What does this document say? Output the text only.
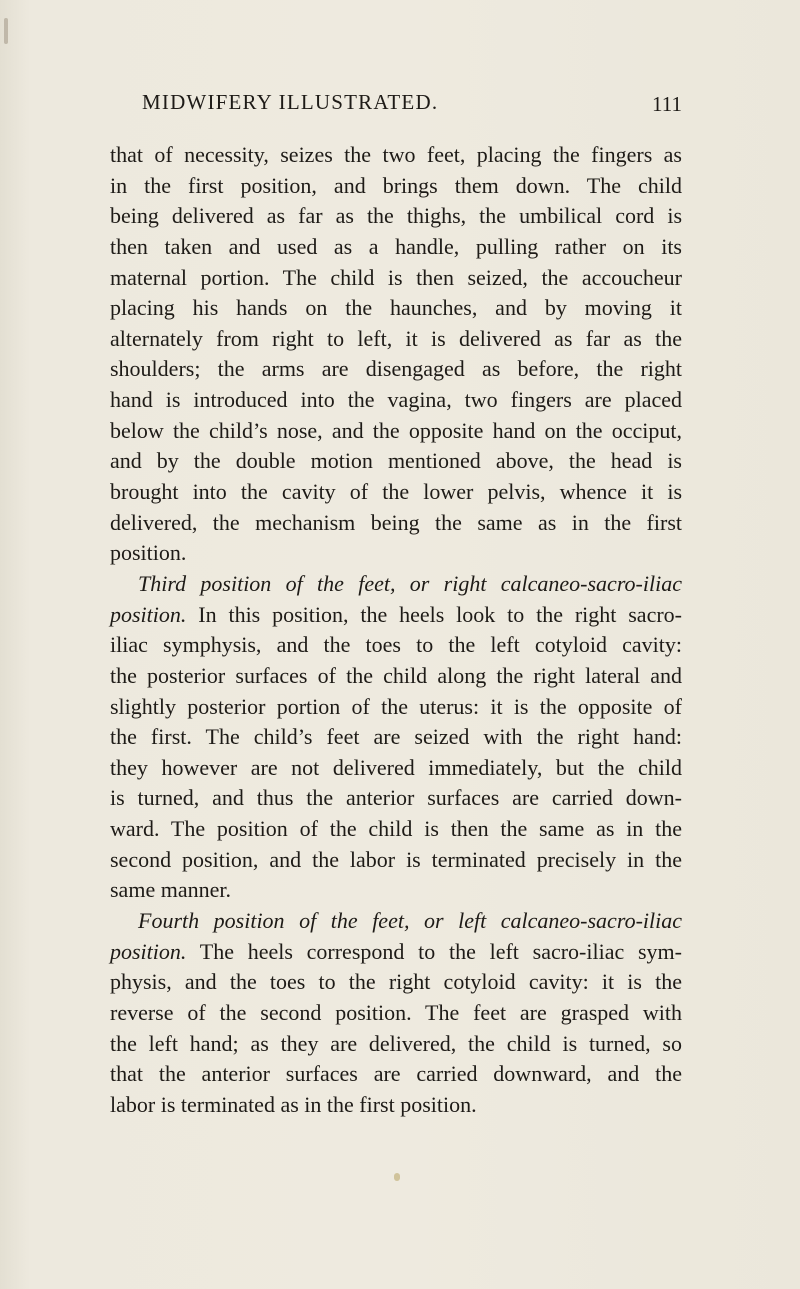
MIDWIFERY ILLUSTRATED.	111
that of necessity, seizes the two feet, placing the fingers as
in the first position, and brings them down. The child
being delivered as far as the thighs, the umbilical cord is
then taken and used as a handle, pulling rather on its
maternal portion. The child is then seized, the accoucheur
placing his hands on the haunches, and by moving it
alternately from right to left, it is delivered as far as the
shoulders; the arms are disengaged as before, the right
hand is introduced into the vagina, two fingers are placed
below the child’s nose, and the opposite hand on the occiput,
and by the double motion mentioned above, the head is
brought into the cavity of the lower pelvis, whence it is
delivered, the mechanism being the same as in the first
position.
Third position of the feet, or right calcaneo-sacro-iliac
position. In this position, the heels look to the right sacro-
iliac symphysis, and the toes to the left cotyloid cavity:
the posterior surfaces of the child along the right lateral and
slightly posterior portion of the uterus: it is the opposite of
the first. The child’s feet are seized with the right hand:
they however are not delivered immediately, but the child
is turned, and thus the anterior surfaces are carried down-
ward. The position of the child is then the same as in the
second position, and the labor is terminated precisely in the
same manner.
Fourth position of the feet, or left calcaneo-sacro-iliac
position. The heels correspond to the left sacro-iliac sym-
physis, and the toes to the right cotyloid cavity: it is the
reverse of the second position. The feet are grasped with
the left hand; as they are delivered, the child is turned, so
that the anterior surfaces are carried downward, and the
labor is terminated as in the first position.
